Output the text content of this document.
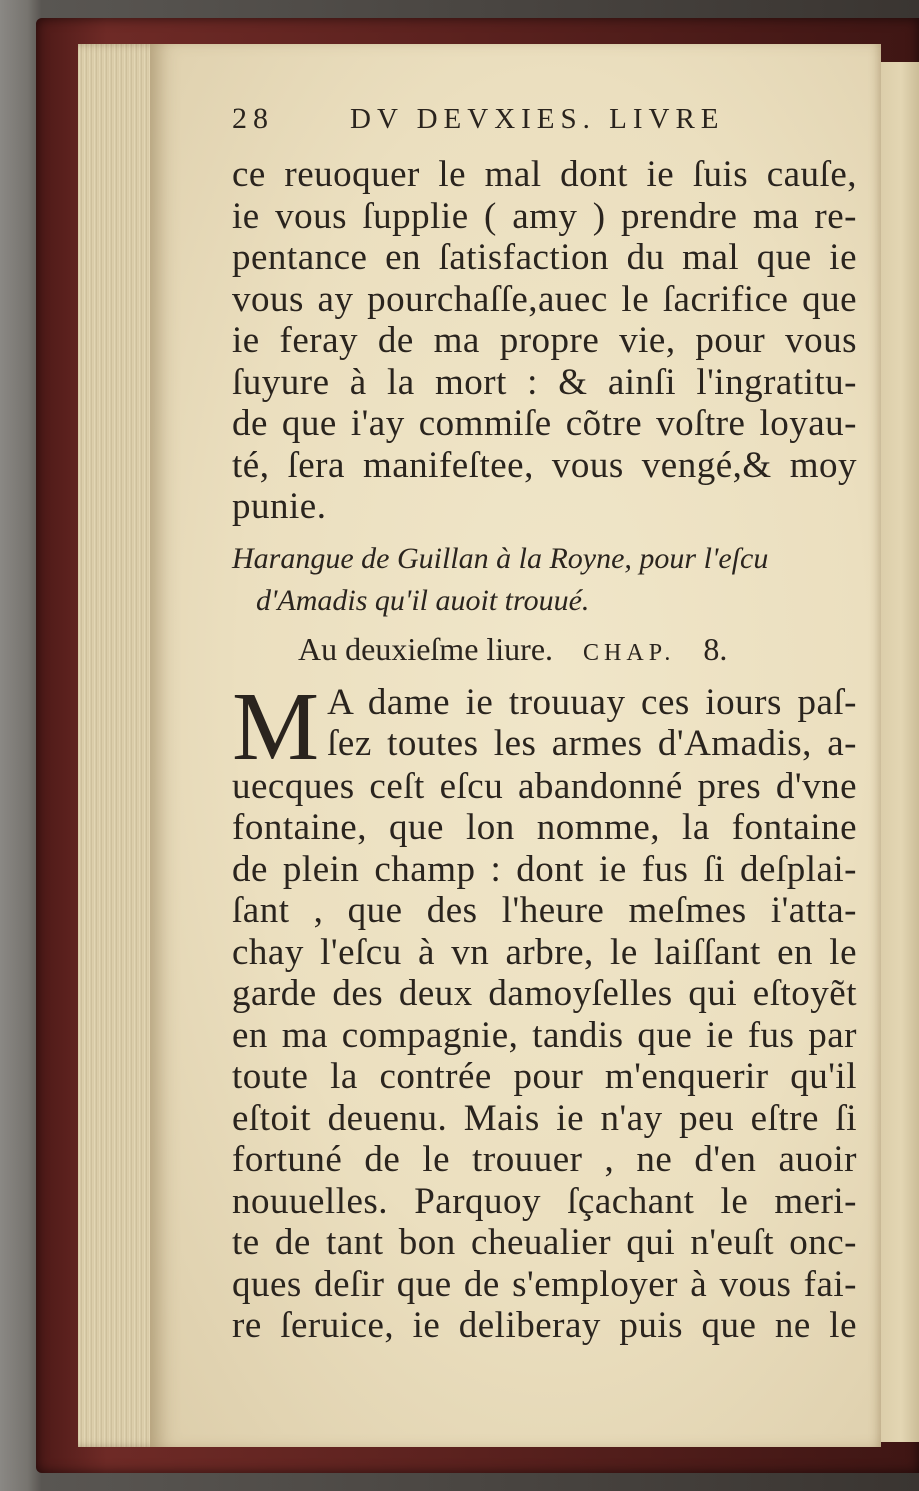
28	DV DEVXIES. LIVRE
ce reuoquer le mal dont ie ſuis cauſe,
ie vous ſupplie ( amy ) prendre ma re-
pentance en ſatisfaction du mal que ie
vous ay pourchaſſe,auec le ſacrifice que
ie feray de ma propre vie, pour vous
ſuyure à la mort : & ainſi l'ingratitu-
de que i'ay commiſe cõtre voſtre loyau-
té, ſera manifeſtee, vous vengé,& moy
punie.
Harangue de Guillan à la Royne, pour l'eſcu
d'Amadis qu'il auoit trouué.
Au deuxieſme liure. CHAP. 8.
M A dame ie trouuay ces iours paſ-
ſez toutes les armes d'Amadis, a-
uecques ceſt eſcu abandonné pres d'vne
fontaine, que lon nomme, la fontaine
de plein champ : dont ie fus ſi deſplai-
ſant , que des l'heure meſmes i'atta-
chay l'eſcu à vn arbre, le laiſſant en le
garde des deux damoyſelles qui eſtoyẽt
en ma compagnie, tandis que ie fus par
toute la contrée pour m'enquerir qu'il
eſtoit deuenu. Mais ie n'ay peu eſtre ſi
fortuné de le trouuer , ne d'en auoir
nouuelles. Parquoy ſçachant le meri-
te de tant bon cheualier qui n'euſt onc-
ques deſir que de s'employer à vous fai-
re ſeruice, ie deliberay puis que ne le
